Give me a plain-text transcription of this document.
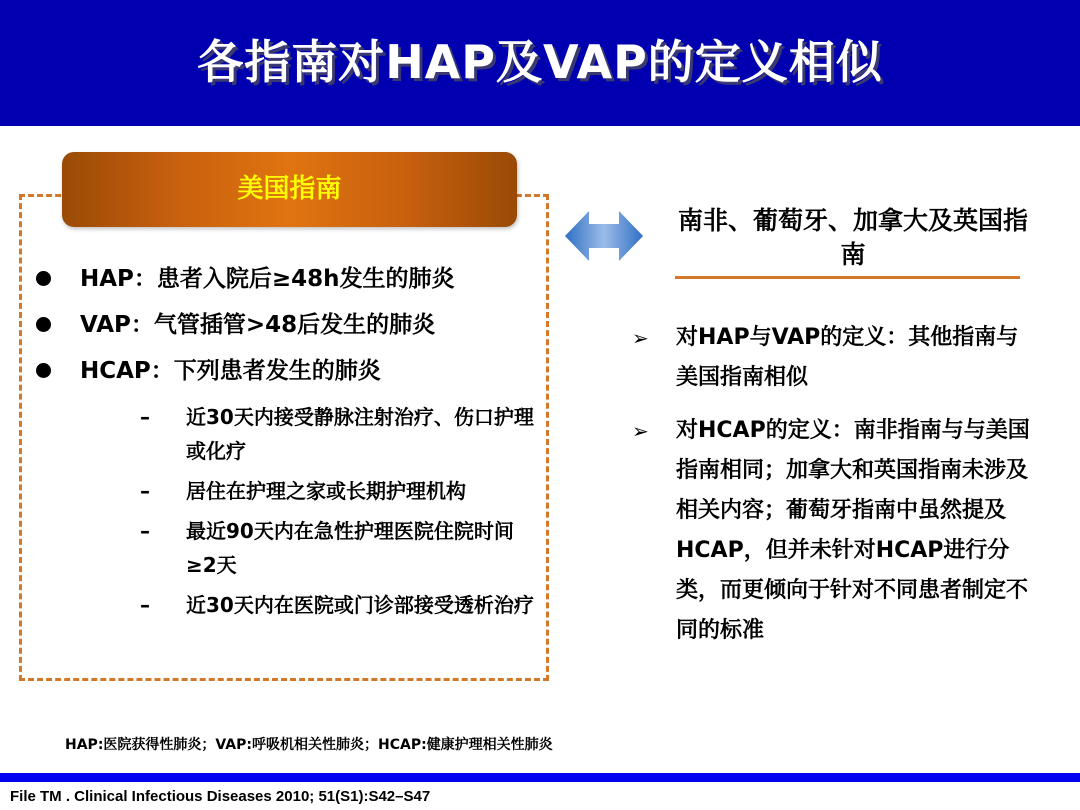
各指南对HAP及VAP的定义相似
美国指南
HAP：患者入院后≥48h发生的肺炎
VAP：气管插管>48后发生的肺炎
HCAP：下列患者发生的肺炎
– 近30天内接受静脉注射治疗、伤口护理或化疗
– 居住在护理之家或长期护理机构
– 最近90天内在急性护理医院住院时间≥2天
– 近30天内在医院或门诊部接受透析治疗
南非、葡萄牙、加拿大及英国指南
➢ 对HAP与VAP的定义：其他指南与美国指南相似
➢ 对HCAP的定义：南非指南与与美国指南相同；加拿大和英国指南未涉及相关内容；葡萄牙指南中虽然提及HCAP，但并未针对HCAP进行分类，而更倾向于针对不同患者制定不同的标准
HAP:医院获得性肺炎；VAP:呼吸机相关性肺炎；HCAP:健康护理相关性肺炎
File TM . Clinical Infectious Diseases 2010; 51(S1):S42–S47
